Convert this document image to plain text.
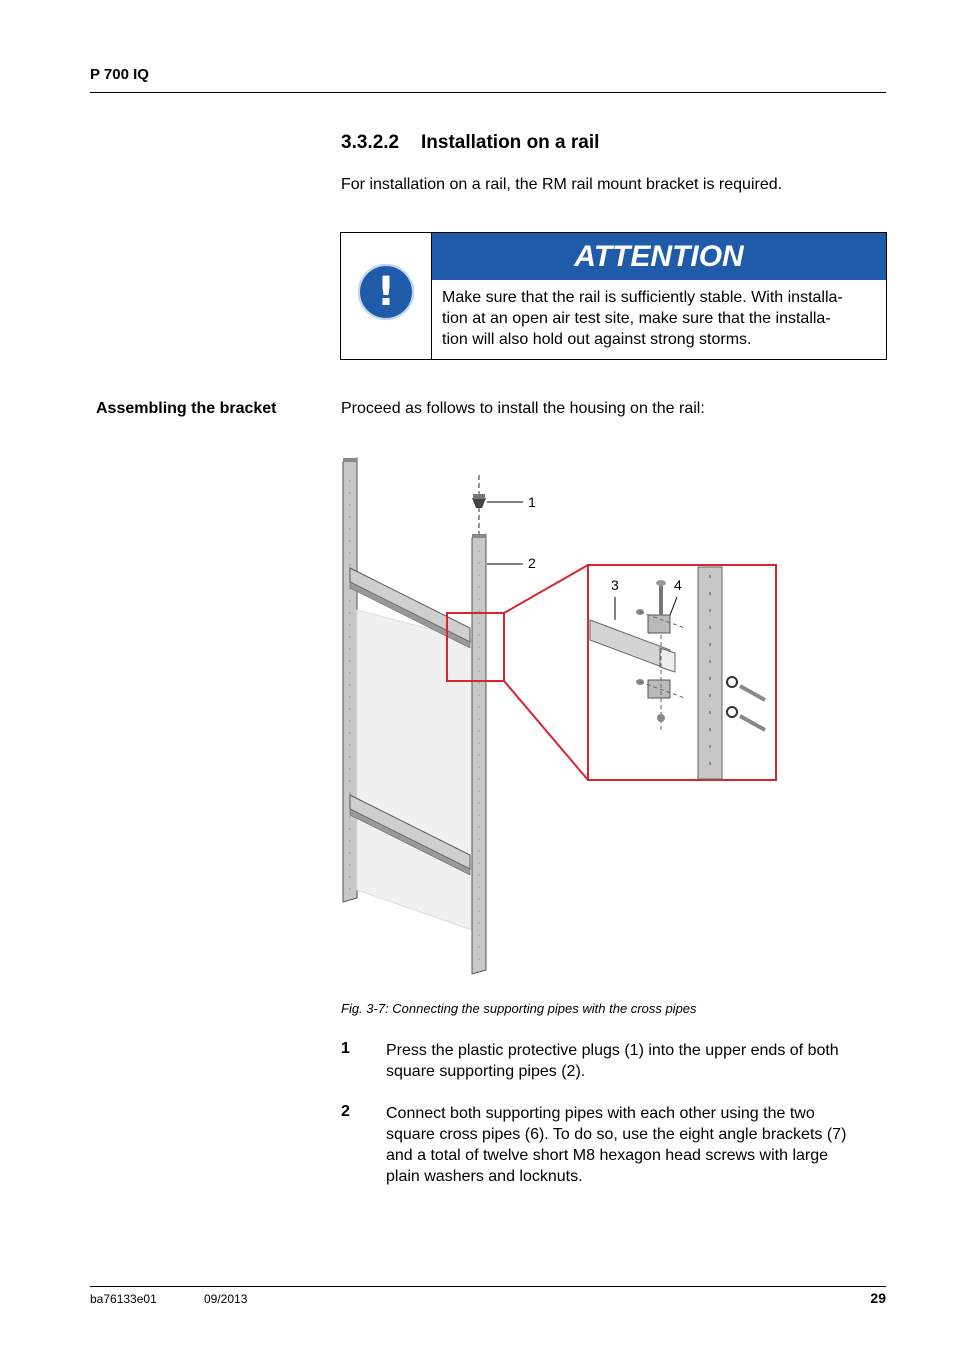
P 700 IQ
3.3.2.2 Installation on a rail
For installation on a rail, the RM rail mount bracket is required.
!
ATTENTION
Make sure that the rail is sufficiently stable. With installa-
tion at an open air test site, make sure that the installa-
tion will also hold out against strong storms.
Assembling the bracket	Proceed as follows to install the housing on the rail:
1
2
3	4
Fig. 3-7: Connecting the supporting pipes with the cross pipes
1 Press the plastic protective plugs (1) into the upper ends of both
square supporting pipes (2).
2 Connect both supporting pipes with each other using the two
square cross pipes (6). To do so, use the eight angle brackets (7)
and a total of twelve short M8 hexagon head screws with large
plain washers and locknuts.
ba76133e01	09/2013	29
